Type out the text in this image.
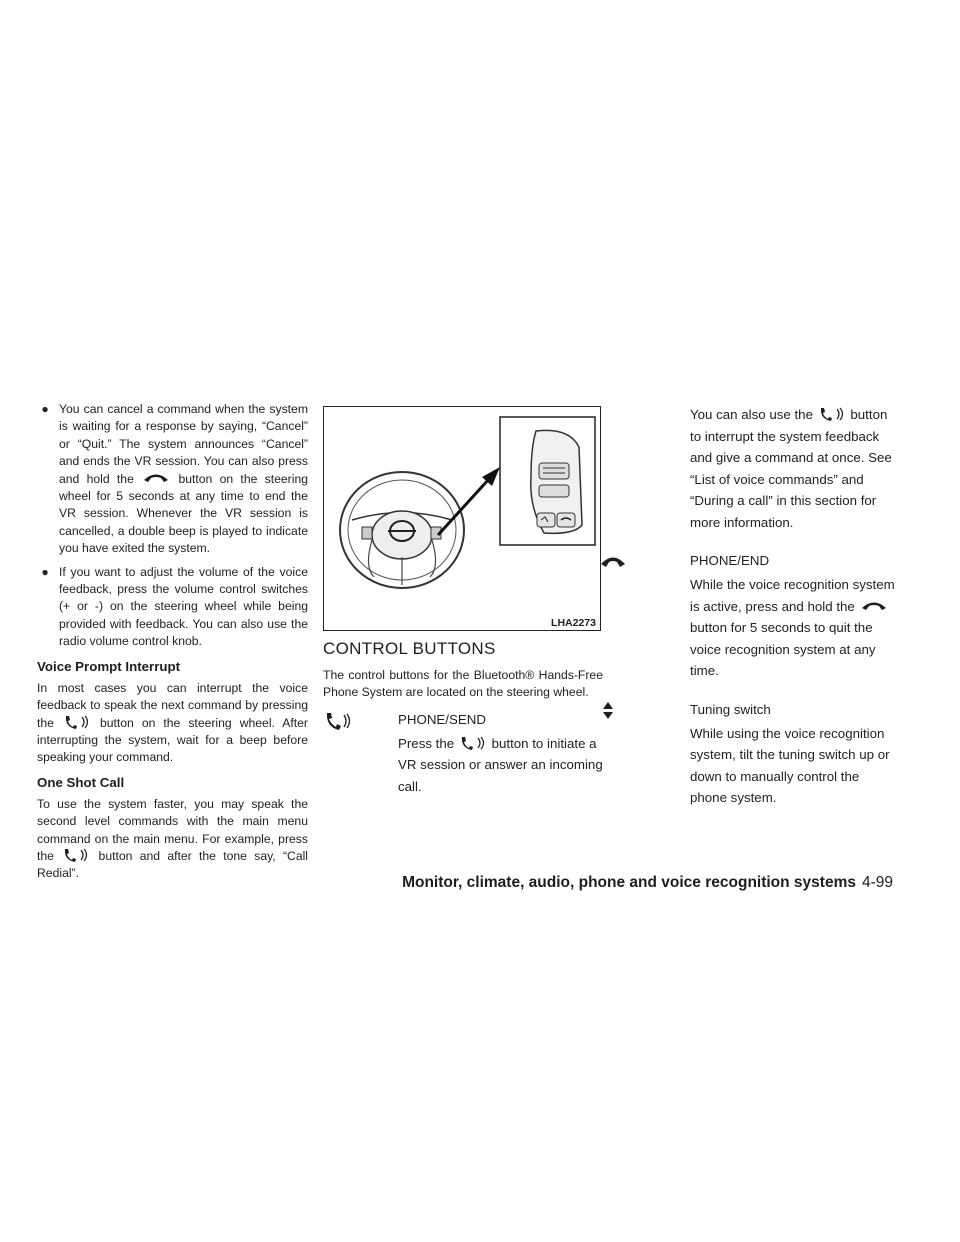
● You can cancel a command when the system is waiting for a response by saying, “Cancel” or “Quit.” The system announces “Cancel” and ends the VR session. You can also press and hold the	button on the steering wheel for 5 seconds at any time to end the VR session. Whenever the VR session is cancelled, a double beep is played to indicate you have exited the system.
● If you want to adjust the volume of the voice feedback, press the volume control switches (+ or -) on the steering wheel while being provided with feedback. You can also use the radio volume control knob.
Voice Prompt Interrupt

In most cases you can interrupt the voice feedback to speak the next command by pressing the	button on the steering wheel. After interrupting the system, wait for a beep before speaking your command.

One Shot Call

To use the system faster, you may speak the second level commands with the main menu command on the main menu. For example, press the	button and after the tone say, “Call Redial”.

LHA2273
CONTROL BUTTONS

The control buttons for the Bluetooth® Hands-Free Phone System are located on the steering wheel.

PHONE/SEND

Press the	button to initiate a VR session or answer an incoming call.

You can also use the	button to interrupt the system feedback and give a command at once. See “List of voice commands” and “During a call” in this section for more information.

PHONE/END

While the voice recognition system is active, press and hold the
button for 5 seconds to quit the voice recognition system at any time.

Tuning switch

While using the voice recognition system, tilt the tuning switch up or down to manually control the phone system.

Monitor, climate, audio, phone and voice recognition systems 4-99
